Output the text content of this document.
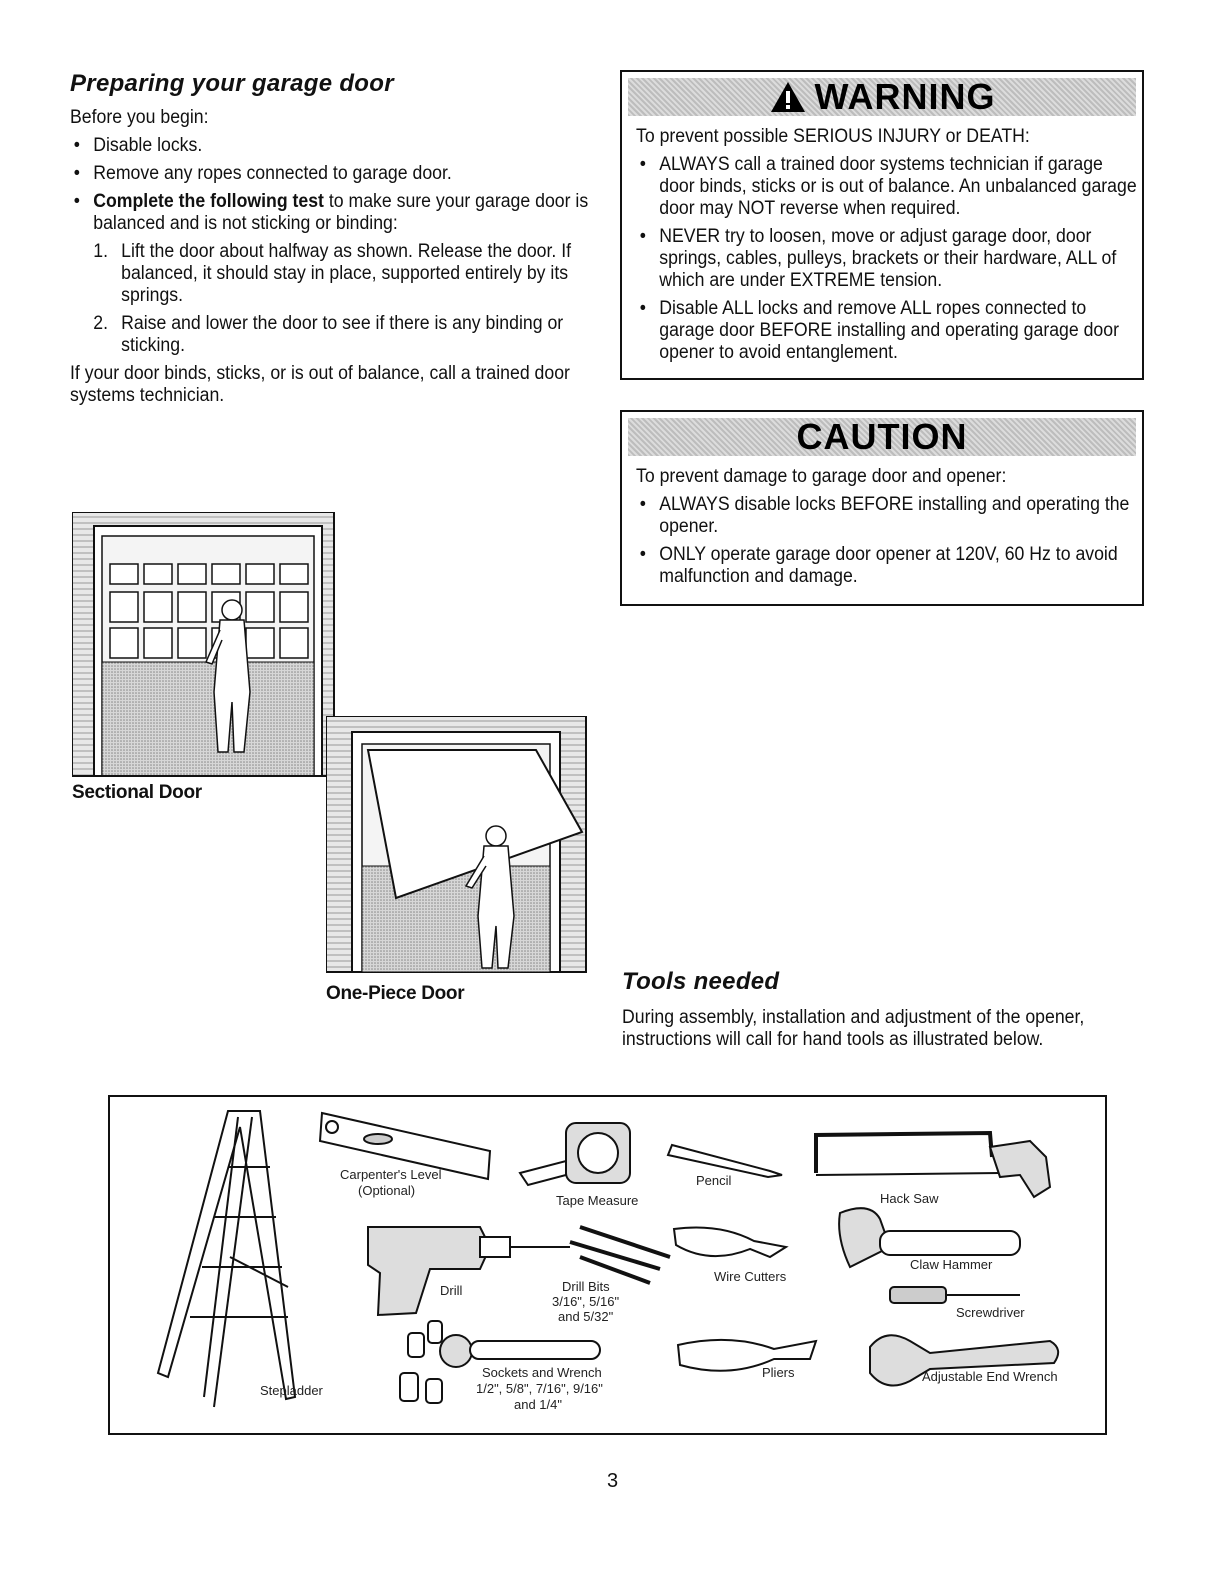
Preparing your garage door

Before you begin:

• Disable locks.
• Remove any ropes connected to garage door.
• Complete the following test to make sure your garage door is balanced and is not sticking or binding:
1. Lift the door about halfway as shown. Release the door. If balanced, it should stay in place, supported entirely by its springs.
2. Raise and lower the door to see if there is any binding or sticking.

If your door binds, sticks, or is out of balance, call a trained door systems technician.

Sectional Door
One-Piece Door
WARNING

To prevent possible SERIOUS INJURY or DEATH:

• ALWAYS call a trained door systems technician if garage door binds, sticks or is out of balance. An unbalanced garage door may NOT reverse when required.
• NEVER try to loosen, move or adjust garage door, door springs, cables, pulleys, brackets or their hardware, ALL of which are under EXTREME tension.
• Disable ALL locks and remove ALL ropes connected to garage door BEFORE installing and operating garage door opener to avoid entanglement.
CAUTION

To prevent damage to garage door and opener:

• ALWAYS disable locks BEFORE installing and operating the opener.
• ONLY operate garage door opener at 120V, 60 Hz to avoid malfunction and damage.
Tools needed
During assembly, installation and adjustment of the opener, instructions will call for hand tools as illustrated below.
Carpenter's Level
(Optional)
Tape Measure
Pencil
Hack Saw
Drill	Drill Bits
3/16", 5/16"
and 5/32"
Wire Cutters
Claw Hammer
Screwdriver
Sockets and Wrench
1/2", 5/8", 7/16", 9/16"
and 1/4"
Pliers	Adjustable End Wrench
Stepladder
3
